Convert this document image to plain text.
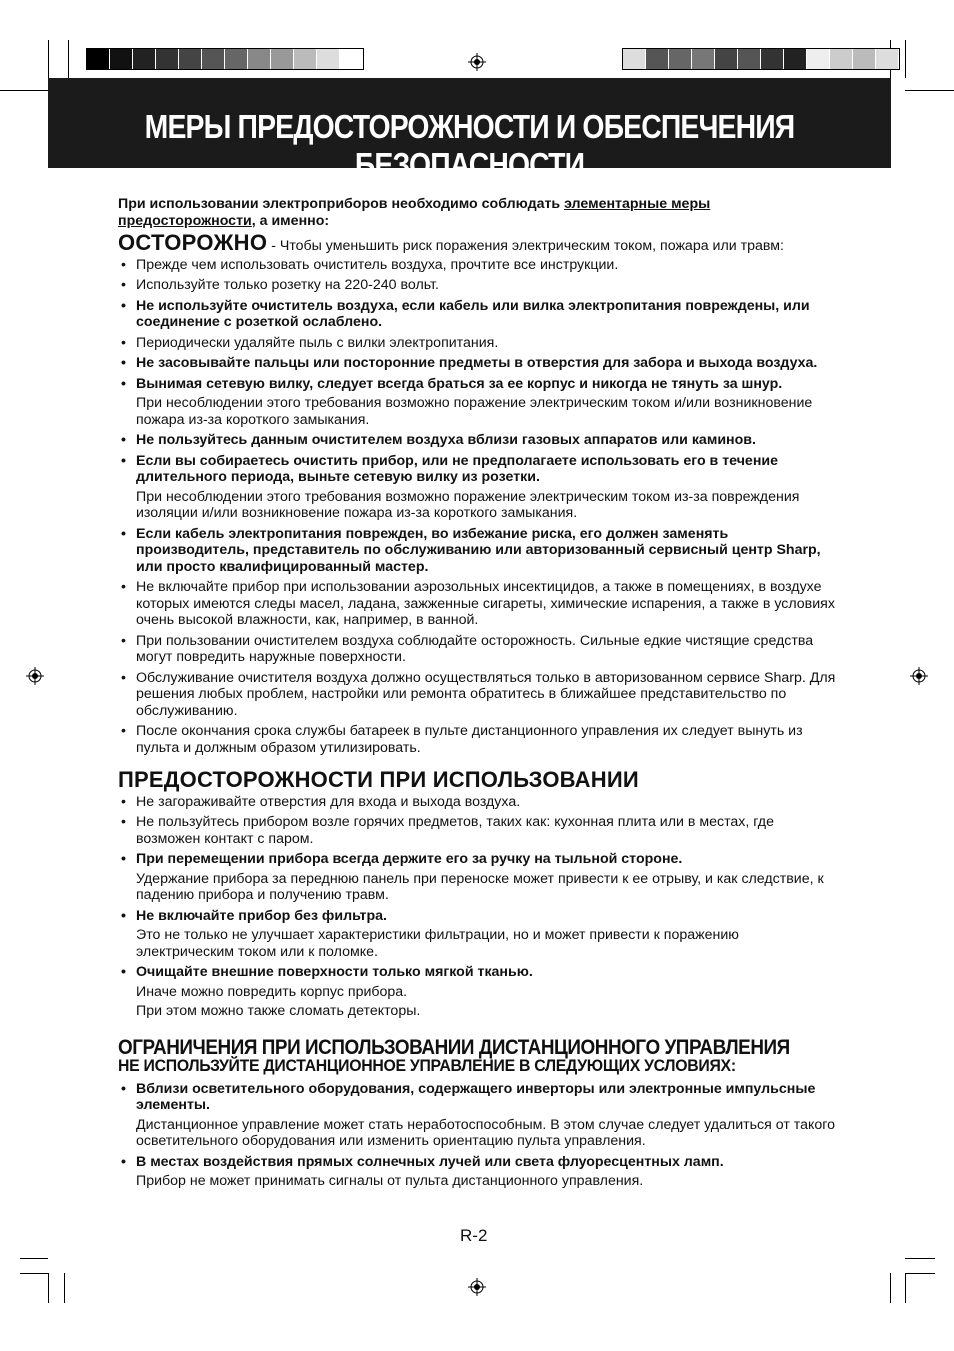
МЕРЫ ПРЕДОСТОРОЖНОСТИ И ОБЕСПЕЧЕНИЯ БЕЗОПАСНОСТИ

При использовании электроприборов необходимо соблюдать элементарные меры предосторожности, а именно:

ОСТОРОЖНО - Чтобы уменьшить риск поражения электрическим током, пожара или травм:

• Прежде чем использовать очиститель воздуха, прочтите все инструкции.
• Используйте только розетку на 220-240 вольт.
• Не используйте очиститель воздуха, если кабель или вилка электропитания повреждены, или соединение с розеткой ослаблено.
• Периодически удаляйте пыль с вилки электропитания.
• Не засовывайте пальцы или посторонние предметы в отверстия для забора и выхода воздуха.
• Вынимая сетевую вилку, следует всегда браться за ее корпус и никогда не тянуть за шнур.
При несоблюдении этого требования возможно поражение электрическим током и/или возникновение пожара из-за короткого замыкания.
• Не пользуйтесь данным очистителем воздуха вблизи газовых аппаратов или каминов.
• Если вы собираетесь очистить прибор, или не предполагаете использовать его в течение длительного периода, выньте сетевую вилку из розетки.
При несоблюдении этого требования возможно поражение электрическим током из-за повреждения изоляции и/или возникновение пожара из-за короткого замыкания.
• Если кабель электропитания поврежден, во избежание риска, его должен заменять производитель, представитель по обслуживанию или авторизованный сервисный центр Sharp, или просто квалифицированный мастер.
• Не включайте прибор при использовании аэрозольных инсектицидов, а также в помещениях, в воздухе которых имеются следы масел, ладана, зажженные сигареты, химические испарения, а также в условиях очень высокой влажности, как, например, в ванной.
• При пользовании очистителем воздуха соблюдайте осторожность. Сильные едкие чистящие средства могут повредить наружные поверхности.
• Обслуживание очистителя воздуха должно осуществляться только в авторизованном сервисе Sharp. Для решения любых проблем, настройки или ремонта обратитесь в ближайшее представительство по обслуживанию.
• После окончания срока службы батареек в пульте дистанционного управления их следует вынуть из пульта и должным образом утилизировать.
ПРЕДОСТОРОЖНОСТИ ПРИ ИСПОЛЬЗОВАНИИ
• Не загораживайте отверстия для входа и выхода воздуха.
• Не пользуйтесь прибором возле горячих предметов, таких как: кухонная плита или в местах, где возможен контакт с паром.
• При перемещении прибора всегда держите его за ручку на тыльной стороне.
Удержание прибора за переднюю панель при переноске может привести к ее отрыву, и как следствие, к падению прибора и получению травм.
• Не включайте прибор без фильтра.
Это не только не улучшает характеристики фильтрации, но и может привести к поражению электрическим током или к поломке.
• Очищайте внешние поверхности только мягкой тканью.
Иначе можно повредить корпус прибора.
При этом можно также сломать детекторы.
ОГРАНИЧЕНИЯ ПРИ ИСПОЛЬЗОВАНИИ ДИСТАНЦИОННОГО УПРАВЛЕНИЯ
НЕ ИСПОЛЬЗУЙТЕ ДИСТАНЦИОННОЕ УПРАВЛЕНИЕ В СЛЕДУЮЩИХ УСЛОВИЯХ:
• Вблизи осветительного оборудования, содержащего инверторы или электронные импульсные элементы.
Дистанционное управление может стать неработоспособным. В этом случае следует удалиться от такого осветительного оборудования или изменить ориентацию пульта управления.
• В местах воздействия прямых солнечных лучей или света флуоресцентных ламп.
Прибор не может принимать сигналы от пульта дистанционного управления.
R-2
